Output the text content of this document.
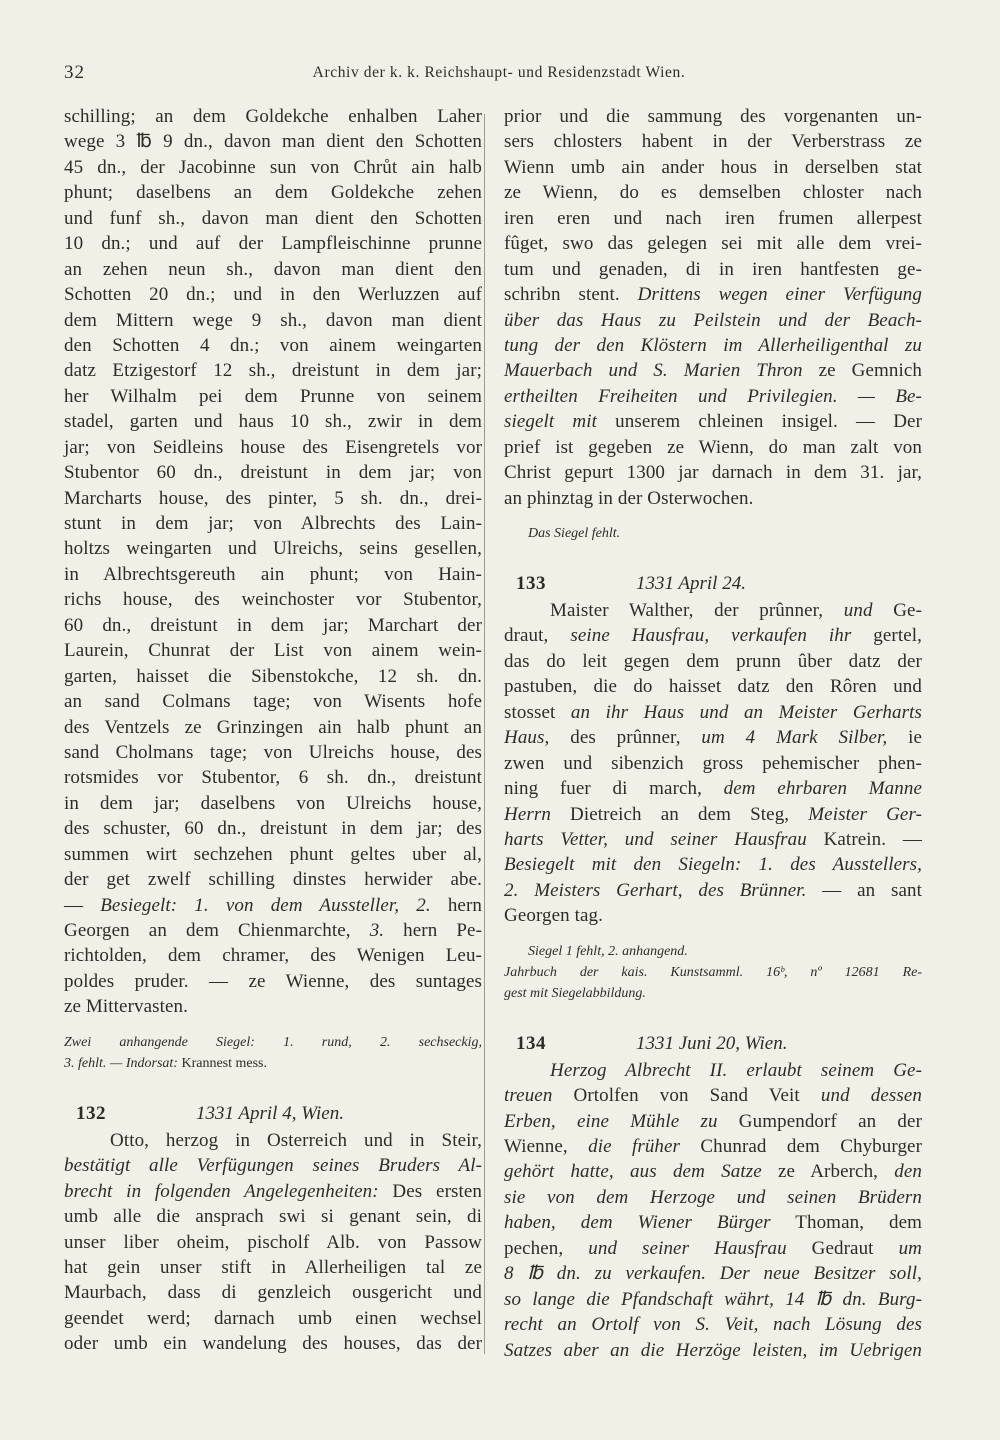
32	Archiv der k. k. Reichshaupt- und Residenzstadt Wien.
schilling; an dem Goldekche enhalben Laher
wege 3 ℔ 9 dn., davon man dient den Schotten
45 dn., der Jacobinne sun von Chrůt ain halb
phunt; daselbens an dem Goldekche zehen
und funf sh., davon man dient den Schotten
10 dn.; und auf der Lampfleischinne prunne
an zehen neun sh., davon man dient den
Schotten 20 dn.; und in den Werluzzen auf
dem Mittern wege 9 sh., davon man dient
den Schotten 4 dn.; von ainem weingarten
datz Etzigestorf 12 sh., dreistunt in dem jar;
her Wilhalm pei dem Prunne von seinem
stadel, garten und haus 10 sh., zwir in dem
jar; von Seidleins house des Eisengretels vor
Stubentor 60 dn., dreistunt in dem jar; von
Marcharts house, des pinter, 5 sh. dn., drei-
stunt in dem jar; von Albrechts des Lain-
holtzs weingarten und Ulreichs, seins gesellen,
in Albrechtsgereuth ain phunt; von Hain-
richs house, des weinchoster vor Stubentor,
60 dn., dreistunt in dem jar; Marchart der
Laurein, Chunrat der List von ainem wein-
garten, haisset die Sibenstokche, 12 sh. dn.
an sand Colmans tage; von Wisents hofe
des Ventzels ze Grinzingen ain halb phunt an
sand Cholmans tage; von Ulreichs house, des
rotsmides vor Stubentor, 6 sh. dn., dreistunt
in dem jar; daselbens von Ulreichs house,
des schuster, 60 dn., dreistunt in dem jar; des
summen wirt sechzehen phunt geltes uber al,
der get zwelf schilling dinstes herwider abe.
— Besiegelt: 1. von dem Aussteller, 2. hern
Georgen an dem Chienmarchte, 3. hern Pe-
richtolden, dem chramer, des Wenigen Leu-
poldes pruder. — ze Wienne, des suntages
ze Mittervasten.
Zwei anhangende Siegel: 1. rund, 2. sechseckig,
3. fehlt. — Indorsat: Krannest mess.
132	1331 April 4, Wien.
Otto, herzog in Osterreich und in Steir,
bestätigt alle Verfügungen seines Bruders Al-
brecht in folgenden Angelegenheiten: Des ersten
umb alle die ansprach swi si genant sein, di
unser liber oheim, pischolf Alb. von Passow
hat gein unser stift in Allerheiligen tal ze
Maurbach, dass di genzleich ousgericht und
geendet werd; darnach umb einen wechsel
oder umb ein wandelung des houses, das der
prior und die sammung des vorgenanten un-
sers chlosters habent in der Verberstrass ze
Wienn umb ain ander hous in derselben stat
ze Wienn, do es demselben chloster nach
iren eren und nach iren frumen allerpest
fûget, swo das gelegen sei mit alle dem vrei-
tum und genaden, di in iren hantfesten ge-
schribn stent. Drittens wegen einer Verfügung
über das Haus zu Peilstein und der Beach-
tung der den Klöstern im Allerheiligenthal zu
Mauerbach und S. Marien Thron ze Gemnich
ertheilten Freiheiten und Privilegien. — Be-
siegelt mit unserem chleinen insigel. — Der
prief ist gegeben ze Wienn, do man zalt von
Christ gepurt 1300 jar darnach in dem 31. jar,
an phinztag in der Osterwochen.
Das Siegel fehlt.
133	1331 April 24.
Maister Walther, der prûnner, und Ge-
draut, seine Hausfrau, verkaufen ihr gertel,
das do leit gegen dem prunn ûber datz der
pastuben, die do haisset datz den Rôren und
stosset an ihr Haus und an Meister Gerharts
Haus, des prûnner, um 4 Mark Silber, ie
zwen und sibenzich gross pehemischer phen-
ning fuer di march, dem ehrbaren Manne
Herrn Dietreich an dem Steg, Meister Ger-
harts Vetter, und seiner Hausfrau Katrein. —
Besiegelt mit den Siegeln: 1. des Ausstellers,
2. Meisters Gerhart, des Brünner. — an sant
Georgen tag.
Siegel 1 fehlt, 2. anhangend.
Jahrbuch der kais. Kunstsamml. 16ᵇ, nº 12681 Re-
gest mit Siegelabbildung.
134	1331 Juni 20, Wien.
Herzog Albrecht II. erlaubt seinem Ge-
treuen Ortolfen von Sand Veit und dessen
Erben, eine Mühle zu Gumpendorf an der
Wienne, die früher Chunrad dem Chyburger
gehört hatte, aus dem Satze ze Arberch, den
sie von dem Herzoge und seinen Brüdern
haben, dem Wiener Bürger Thoman, dem
pechen, und seiner Hausfrau Gedraut um
8 ℔ dn. zu verkaufen. Der neue Besitzer soll,
so lange die Pfandschaft währt, 14 ℔ dn. Burg-
recht an Ortolf von S. Veit, nach Lösung des
Satzes aber an die Herzöge leisten, im Uebrigen
